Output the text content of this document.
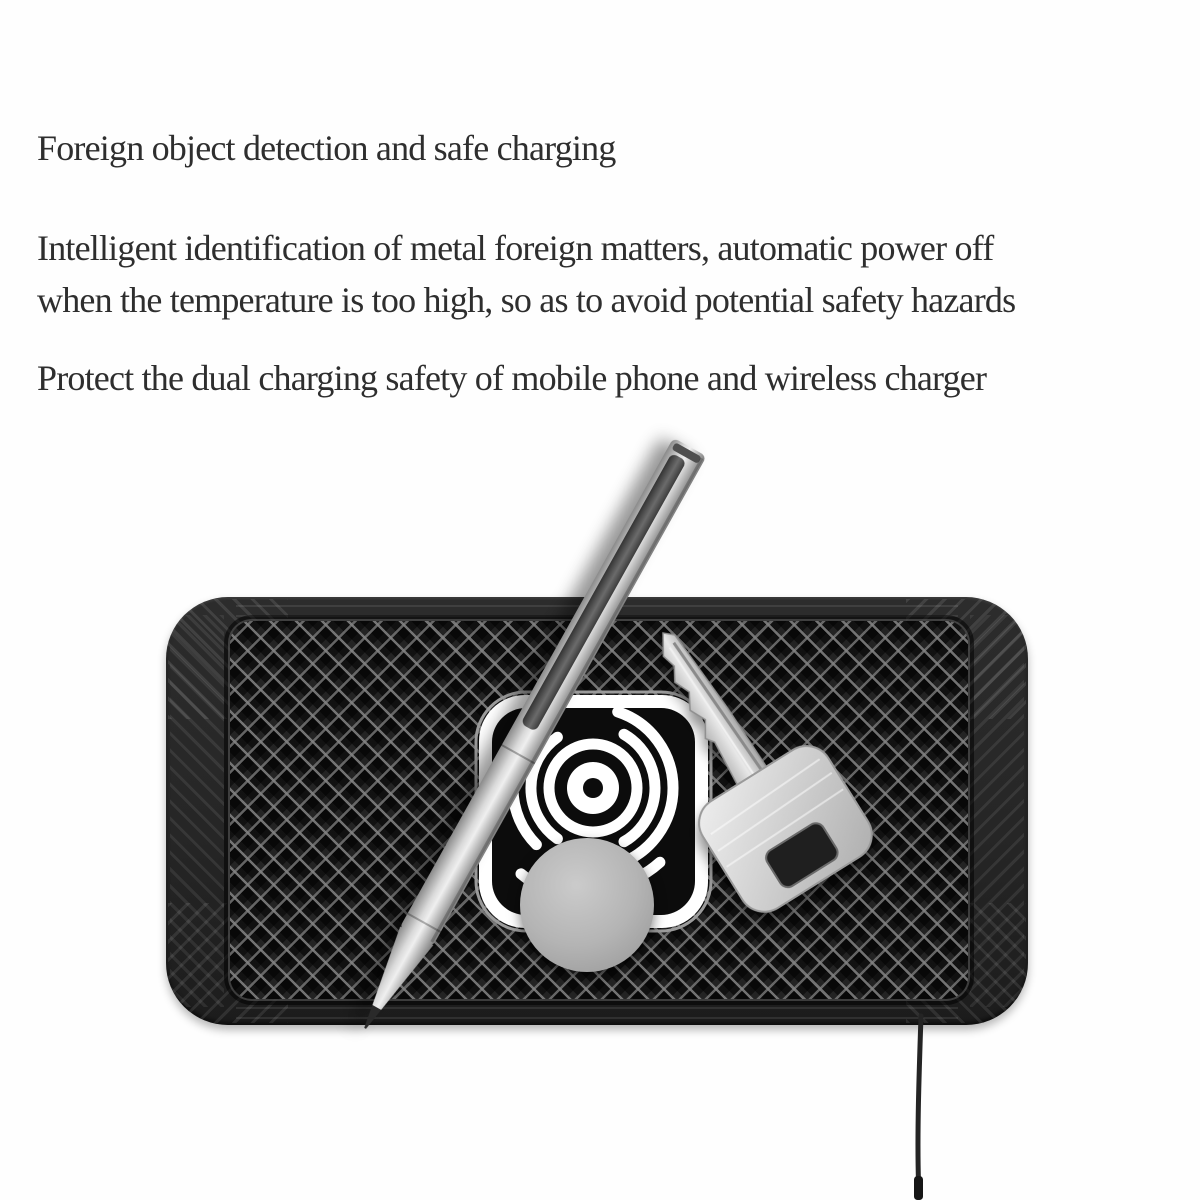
Foreign object detection and safe charging
Intelligent identification of metal foreign matters, automatic power off
when the temperature is too high, so as to avoid potential safety hazards
Protect the dual charging safety of mobile phone and wireless charger
